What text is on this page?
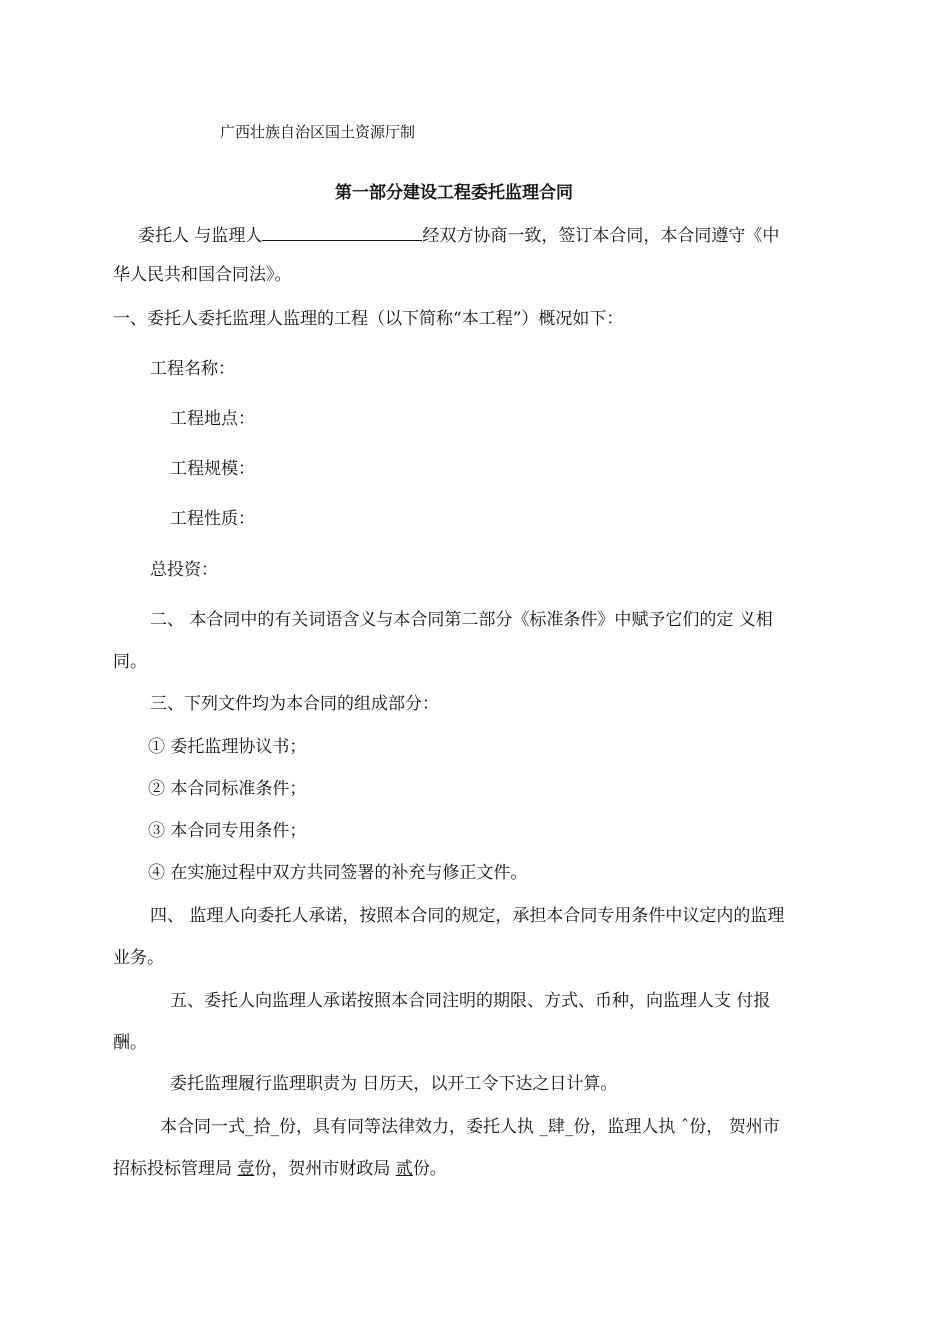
广西壮族自治区国土资源厅制
第一部分建设工程委托监理合同
委托人 与监理人	经双方协商一致，签订本合同，本合同遵守《中
华人民共和国合同法》。
一、委托人委托监理人监理的工程（以下简称“本工程”）概况如下：
工程名称：
工程地点：
工程规模：
工程性质：
总投资：
二、 本合同中的有关词语含义与本合同第二部分《标准条件》中赋予它们的定 义相
同。
三、下列文件均为本合同的组成部分：
① 委托监理协议书；
② 本合同标准条件；
③ 本合同专用条件；
④ 在实施过程中双方共同签署的补充与修正文件。
四、 监理人向委托人承诺，按照本合同的规定，承担本合同专用条件中议定内的监理
业务。
五、委托人向监理人承诺按照本合同注明的期限、方式、币种，向监理人支 付报
酬。
委托监理履行监理职责为 日历天，以开工令下达之日计算。
本合同一式_拾_份，具有同等法律效力，委托人执 _肆_份，监理人执 ˆ份， 贺州市
招标投标管理局 壹份，贺州市财政局 贰份。
